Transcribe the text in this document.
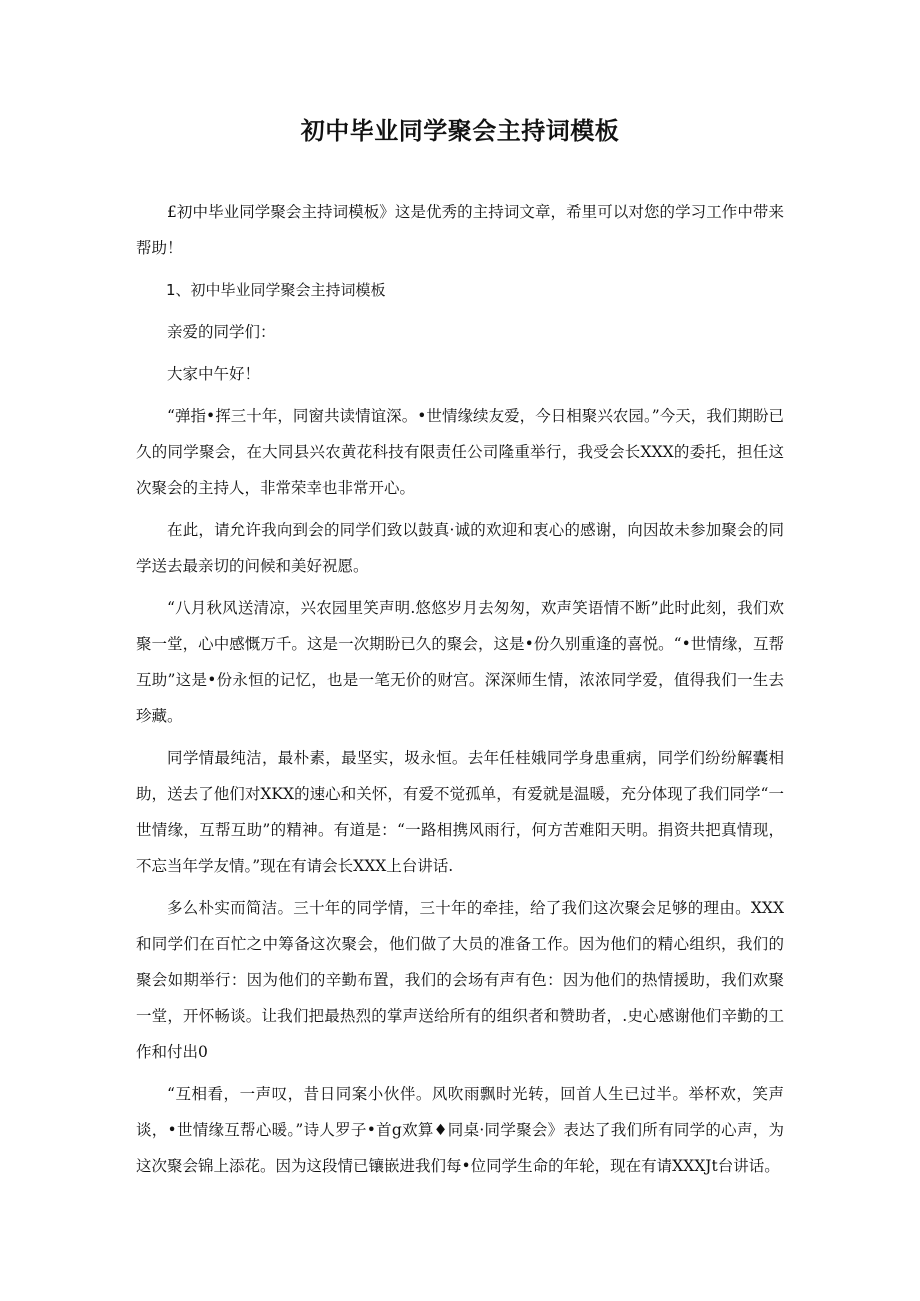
初中毕业同学聚会主持词模板

£初中毕业同学聚会主持词模板》这是优秀的主持词文章，希里可以对您的学习工作中带来帮助！

1、初中毕业同学聚会主持词模板

亲爱的同学们：

大家中午好！

“弹指•挥三十年，同窗共读情谊深。•世情缘续友爱，今日相聚兴农园。”今天，我们期盼已久的同学聚会，在大同县兴农黄花科技有限责任公司隆重举行，我受会长XXX的委托，担任这次聚会的主持人，非常荣幸也非常开心。

在此，请允许我向到会的同学们致以鼓真·诚的欢迎和衷心的感谢，向因故未参加聚会的同学送去最亲切的问候和美好祝愿。

“八月秋风送清凉，兴农园里笑声明.悠悠岁月去匆匆，欢声笑语情不断”此时此刻，我们欢聚一堂，心中感慨万千。这是一次期盼已久的聚会，这是•份久别重逢的喜悦。“•世情缘，互帮互助”这是•份永恒的记忆，也是一笔无价的财宫。深深师生情，浓浓同学爱，值得我们一生去珍藏。

同学情最纯洁，最朴素，最坚实，圾永恒。去年任桂娥同学身患重病，同学们纷纷解囊相助，送去了他们对XKX的速心和关怀，有爱不觉孤单，有爱就是温暖，充分体现了我们同学“一世情缘，互帮互助”的精神。有道是：“一路相携风雨行，何方苦难阳天明。捐资共把真情现，不忘当年学友情。”现在有请会长XXX上台讲话.

多么朴实而简洁。三十年的同学情，三十年的牵挂，给了我们这次聚会足够的理由。XXX和同学们在百忙之中筹备这次聚会，他们做了大员的准备工作。因为他们的精心组织，我们的聚会如期举行：因为他们的辛勤布置，我们的会场有声有色：因为他们的热情援助，我们欢聚一堂，开怀畅谈。让我们把最热烈的掌声送给所有的组织者和赞助者，.史心感谢他们辛勤的工作和付出0

“互相看，一声叹，昔日同案小伙伴。风吹雨飘时光转，回首人生已过半。举杯欢，笑声谈，•世情缘互帮心暖。”诗人罗子•首g欢算♦同桌·同学聚会》表达了我们所有同学的心声，为这次聚会锦上添花。因为这段情已镶嵌进我们每•位同学生命的年轮，现在有请XXXJt台讲话。
